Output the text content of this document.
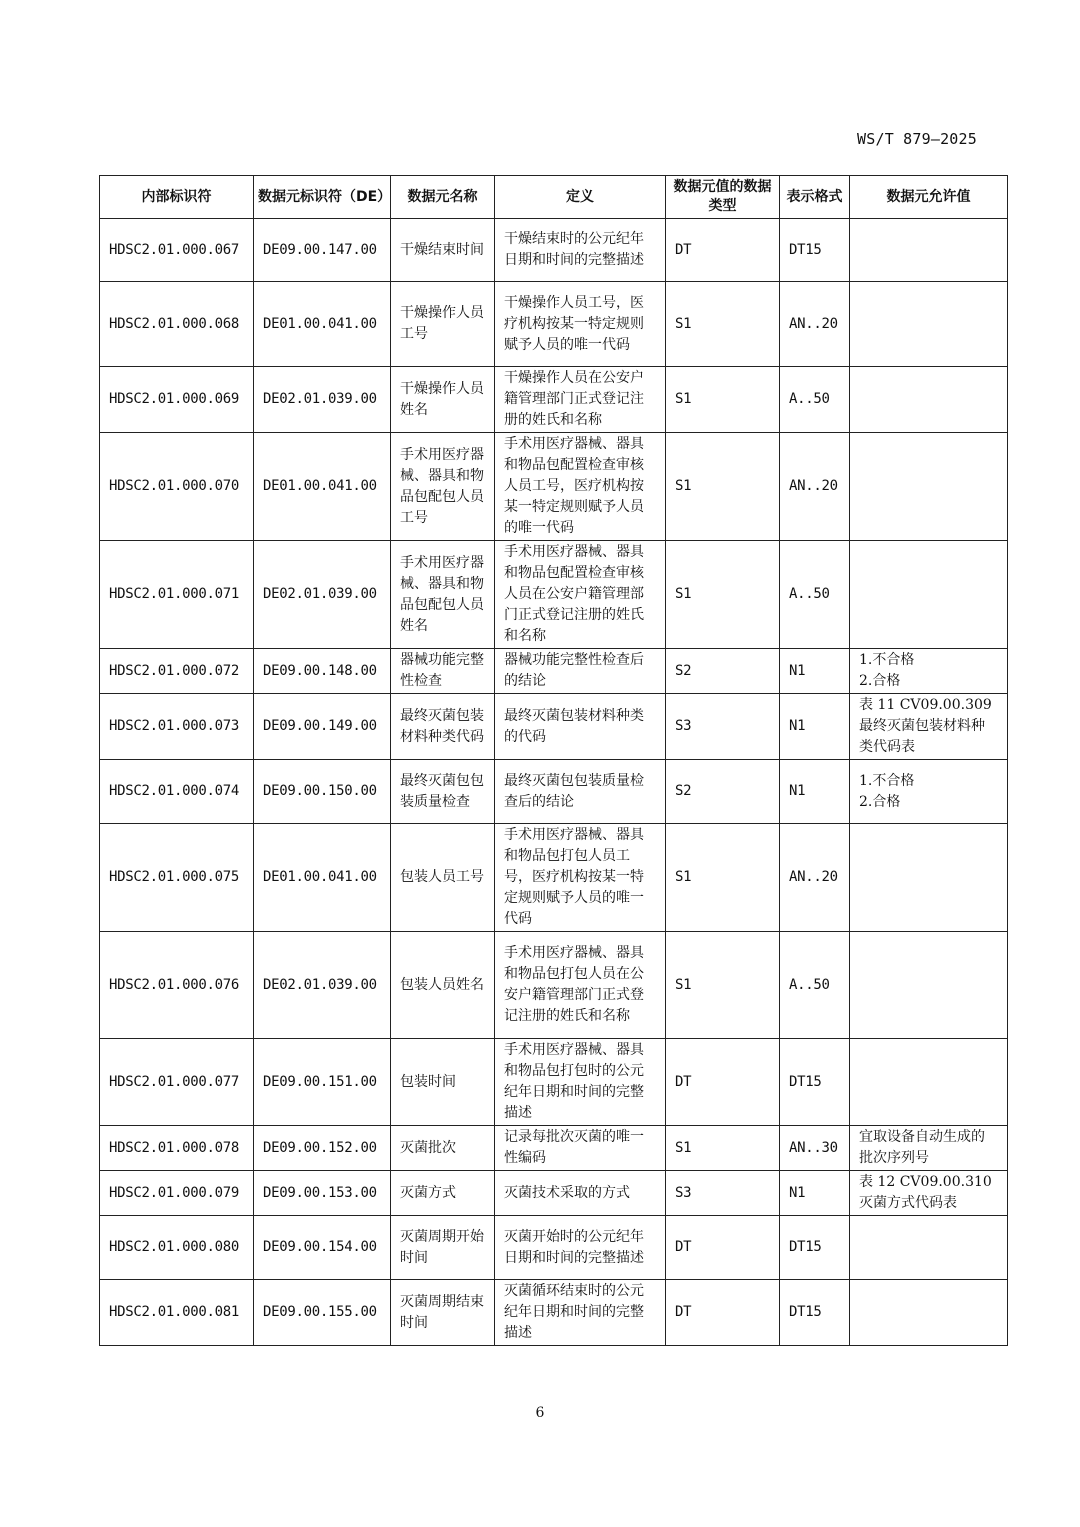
WS/T 879—2025
内部标识符	数据元标识符（DE）	数据元名称	定义	数据元值的数据类型	表示格式	数据元允许值
HDSC2.01.000.067	DE09.00.147.00	干燥结束时间	干燥结束时的公元纪年日期和时间的完整描述	DT	DT15	
HDSC2.01.000.068	DE01.00.041.00	干燥操作人员工号	干燥操作人员工号，医疗机构按某一特定规则赋予人员的唯一代码	S1	AN..20	
HDSC2.01.000.069	DE02.01.039.00	干燥操作人员姓名	干燥操作人员在公安户籍管理部门正式登记注册的姓氏和名称	S1	A..50	
HDSC2.01.000.070	DE01.00.041.00	手术用医疗器械、器具和物品包配包人员工号	手术用医疗器械、器具和物品包配置检查审核人员工号，医疗机构按某一特定规则赋予人员的唯一代码	S1	AN..20	
HDSC2.01.000.071	DE02.01.039.00	手术用医疗器械、器具和物品包配包人员姓名	手术用医疗器械、器具和物品包配置检查审核人员在公安户籍管理部门正式登记注册的姓氏和名称	S1	A..50	
HDSC2.01.000.072	DE09.00.148.00	器械功能完整性检查	器械功能完整性检查后的结论	S2	N1	1.不合格
2.合格

HDSC2.01.000.073	DE09.00.149.00	最终灭菌包装材料种类代码	最终灭菌包装材料种类的代码	S3	N1	表 11 CV09.00.309 最终灭菌包装材料种类代码表
HDSC2.01.000.074	DE09.00.150.00	最终灭菌包包装质量检查	最终灭菌包包装质量检查后的结论	S2	N1	1.不合格
2.合格

HDSC2.01.000.075	DE01.00.041.00	包装人员工号	手术用医疗器械、器具和物品包打包人员工号，医疗机构按某一特定规则赋予人员的唯一代码	S1	AN..20	
HDSC2.01.000.076	DE02.01.039.00	包装人员姓名	手术用医疗器械、器具和物品包打包人员在公安户籍管理部门正式登记注册的姓氏和名称	S1	A..50	
HDSC2.01.000.077	DE09.00.151.00	包装时间	手术用医疗器械、器具和物品包打包时的公元纪年日期和时间的完整描述	DT	DT15	
HDSC2.01.000.078	DE09.00.152.00	灭菌批次	记录每批次灭菌的唯一性编码	S1	AN..30	宜取设备自动生成的批次序列号
HDSC2.01.000.079	DE09.00.153.00	灭菌方式	灭菌技术采取的方式	S3	N1	表 12 CV09.00.310 灭菌方式代码表
HDSC2.01.000.080	DE09.00.154.00	灭菌周期开始时间	灭菌开始时的公元纪年日期和时间的完整描述	DT	DT15	
HDSC2.01.000.081	DE09.00.155.00	灭菌周期结束时间	灭菌循环结束时的公元纪年日期和时间的完整描述	DT	DT15	
6
